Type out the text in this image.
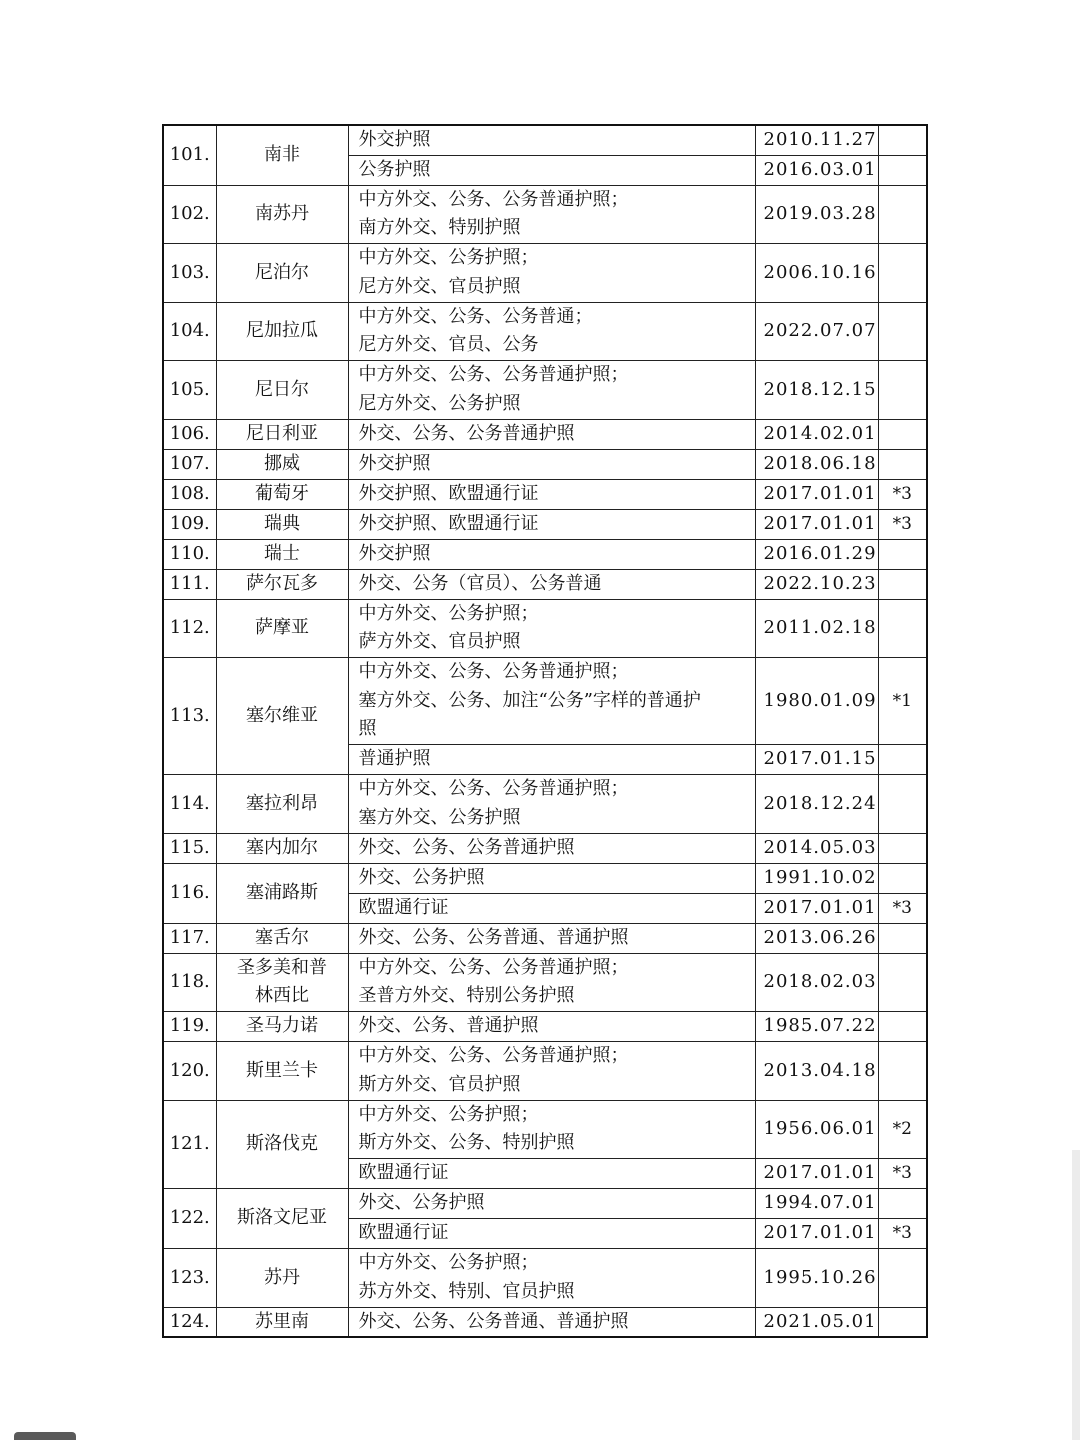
101.	南非	外交护照	2010.11.27	

		公务护照	2016.03.01	
102.	南苏丹	中方外交、公务、公务普通护照；
南方外交、特别护照	2019.03.28	
103.	尼泊尔	中方外交、公务护照；
尼方外交、官员护照	2006.10.16	
104.	尼加拉瓜	中方外交、公务、公务普通；
尼方外交、官员、公务	2022.07.07	
105.	尼日尔	中方外交、公务、公务普通护照；
尼方外交、公务护照	2018.12.15	
106.	尼日利亚	外交、公务、公务普通护照	2014.02.01	
107.	挪威	外交护照	2018.06.18	
108.	葡萄牙	外交护照、欧盟通行证	2017.01.01	*3
109.	瑞典	外交护照、欧盟通行证	2017.01.01	*3
110.	瑞士	外交护照	2016.01.29	
111.	萨尔瓦多	外交、公务（官员）、公务普通	2022.10.23	
112.	萨摩亚	中方外交、公务护照；
萨方外交、官员护照	2011.02.18	
113.	塞尔维亚	中方外交、公务、公务普通护照；
塞方外交、公务、加注“公务”字样的普通护
照	1980.01.09	*1

		普通护照	2017.01.15	
114.	塞拉利昂	中方外交、公务、公务普通护照；
塞方外交、公务护照	2018.12.24	
115.	塞内加尔	外交、公务、公务普通护照	2014.05.03	
116.	塞浦路斯	外交、公务护照	1991.10.02	

		欧盟通行证	2017.01.01	*3
117.	塞舌尔	外交、公务、公务普通、普通护照	2013.06.26	
118.	圣多美和普林西比	中方外交、公务、公务普通护照；
圣普方外交、特别公务护照	2018.02.03	
119.	圣马力诺	外交、公务、普通护照	1985.07.22	
120.	斯里兰卡	中方外交、公务、公务普通护照；
斯方外交、官员护照	2013.04.18	
121.	斯洛伐克	中方外交、公务护照；
斯方外交、公务、特别护照	1956.06.01	*2

		欧盟通行证	2017.01.01	*3
122.	斯洛文尼亚	外交、公务护照	1994.07.01	

		欧盟通行证	2017.01.01	*3
123.	苏丹	中方外交、公务护照；
苏方外交、特别、官员护照	1995.10.26	
124.	苏里南	外交、公务、公务普通、普通护照	2021.05.01	
